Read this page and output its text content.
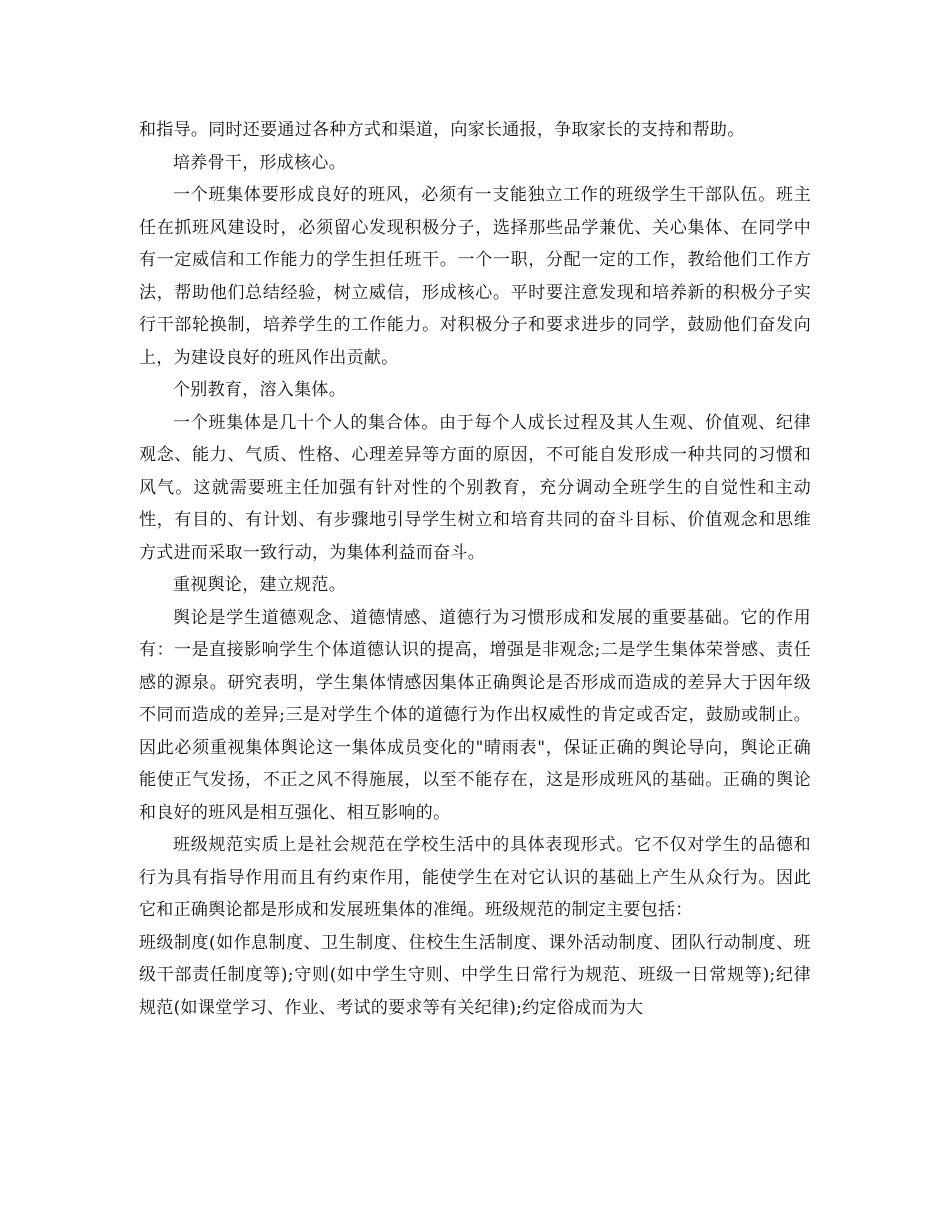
和指导。同时还要通过各种方式和渠道，向家长通报，争取家长的支持和帮助。

培养骨干，形成核心。

一个班集体要形成良好的班风，必须有一支能独立工作的班级学生干部队伍。班主任在抓班风建设时，必须留心发现积极分子，选择那些品学兼优、关心集体、在同学中有一定威信和工作能力的学生担任班干。一个一职，分配一定的工作，教给他们工作方法，帮助他们总结经验，树立威信，形成核心。平时要注意发现和培养新的积极分子实行干部轮换制，培养学生的工作能力。对积极分子和要求进步的同学，鼓励他们奋发向上，为建设良好的班风作出贡献。

个别教育，溶入集体。

一个班集体是几十个人的集合体。由于每个人成长过程及其人生观、价值观、纪律观念、能力、气质、性格、心理差异等方面的原因，不可能自发形成一种共同的习惯和风气。这就需要班主任加强有针对性的个别教育，充分调动全班学生的自觉性和主动性，有目的、有计划、有步骤地引导学生树立和培育共同的奋斗目标、价值观念和思维方式进而采取一致行动，为集体利益而奋斗。

重视舆论，建立规范。

舆论是学生道德观念、道德情感、道德行为习惯形成和发展的重要基础。它的作用有：一是直接影响学生个体道德认识的提高，增强是非观念;二是学生集体荣誉感、责任感的源泉。研究表明，学生集体情感因集体正确舆论是否形成而造成的差异大于因年级不同而造成的差异;三是对学生个体的道德行为作出权威性的肯定或否定，鼓励或制止。因此必须重视集体舆论这一集体成员变化的"晴雨表"，保证正确的舆论导向，舆论正确能使正气发扬，不正之风不得施展，以至不能存在，这是形成班风的基础。正确的舆论和良好的班风是相互强化、相互影响的。

班级规范实质上是社会规范在学校生活中的具体表现形式。它不仅对学生的品德和行为具有指导作用而且有约束作用，能使学生在对它认识的基础上产生从众行为。因此它和正确舆论都是形成和发展班集体的准绳。班级规范的制定主要包括：

班级制度(如作息制度、卫生制度、住校生生活制度、课外活动制度、团队行动制度、班级干部责任制度等);守则(如中学生守则、中学生日常行为规范、班级一日常规等);纪律规范(如课堂学习、作业、考试的要求等有关纪律);约定俗成而为大
